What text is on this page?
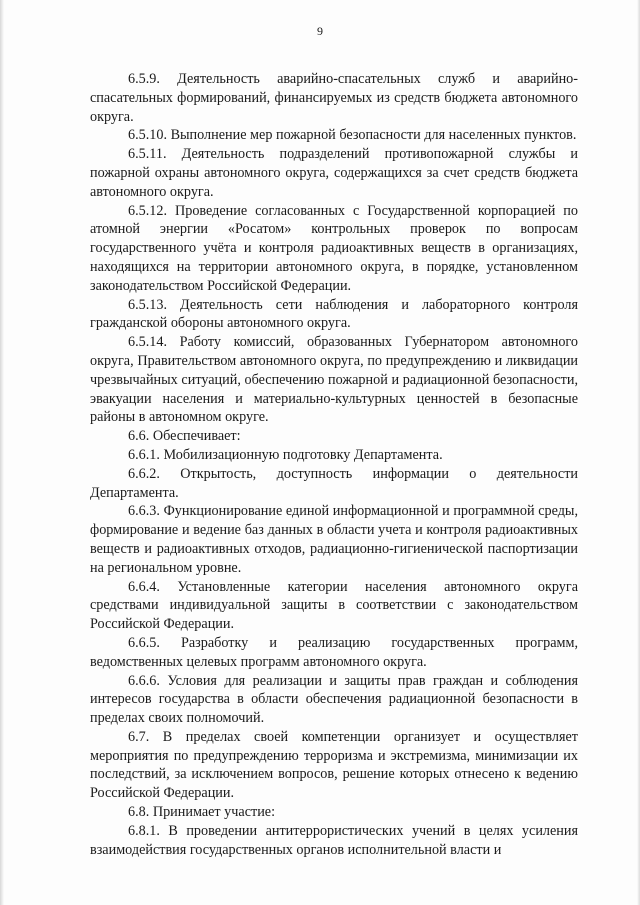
9

6.5.9. Деятельность аварийно-спасательных служб и аварийно-спасательных формирований, финансируемых из средств бюджета автономного округа.

6.5.10. Выполнение мер пожарной безопасности для населенных пунктов.

6.5.11. Деятельность подразделений противопожарной службы и пожарной охраны автономного округа, содержащихся за счет средств бюджета автономного округа.

6.5.12. Проведение согласованных с Государственной корпорацией по атомной энергии «Росатом» контрольных проверок по вопросам государственного учёта и контроля радиоактивных веществ в организациях, находящихся на территории автономного округа, в порядке, установленном законодательством Российской Федерации.

6.5.13. Деятельность сети наблюдения и лабораторного контроля гражданской обороны автономного округа.

6.5.14. Работу комиссий, образованных Губернатором автономного округа, Правительством автономного округа, по предупреждению и ликвидации чрезвычайных ситуаций, обеспечению пожарной и радиационной безопасности, эвакуации населения и материально-культурных ценностей в безопасные районы в автономном округе.

6.6. Обеспечивает:

6.6.1. Мобилизационную подготовку Департамента.

6.6.2. Открытость, доступность информации о деятельности Департамента.

6.6.3. Функционирование единой информационной и программной среды, формирование и ведение баз данных в области учета и контроля радиоактивных веществ и радиоактивных отходов, радиационно-гигиенической паспортизации на региональном уровне.

6.6.4. Установленные категории населения автономного округа средствами индивидуальной защиты в соответствии с законодательством Российской Федерации.

6.6.5. Разработку и реализацию государственных программ, ведомственных целевых программ автономного округа.

6.6.6. Условия для реализации и защиты прав граждан и соблюдения интересов государства в области обеспечения радиационной безопасности в пределах своих полномочий.

6.7. В пределах своей компетенции организует и осуществляет мероприятия по предупреждению терроризма и экстремизма, минимизации их последствий, за исключением вопросов, решение которых отнесено к ведению Российской Федерации.

6.8. Принимает участие:

6.8.1. В проведении антитеррористических учений в целях усиления взаимодействия государственных органов исполнительной власти и
